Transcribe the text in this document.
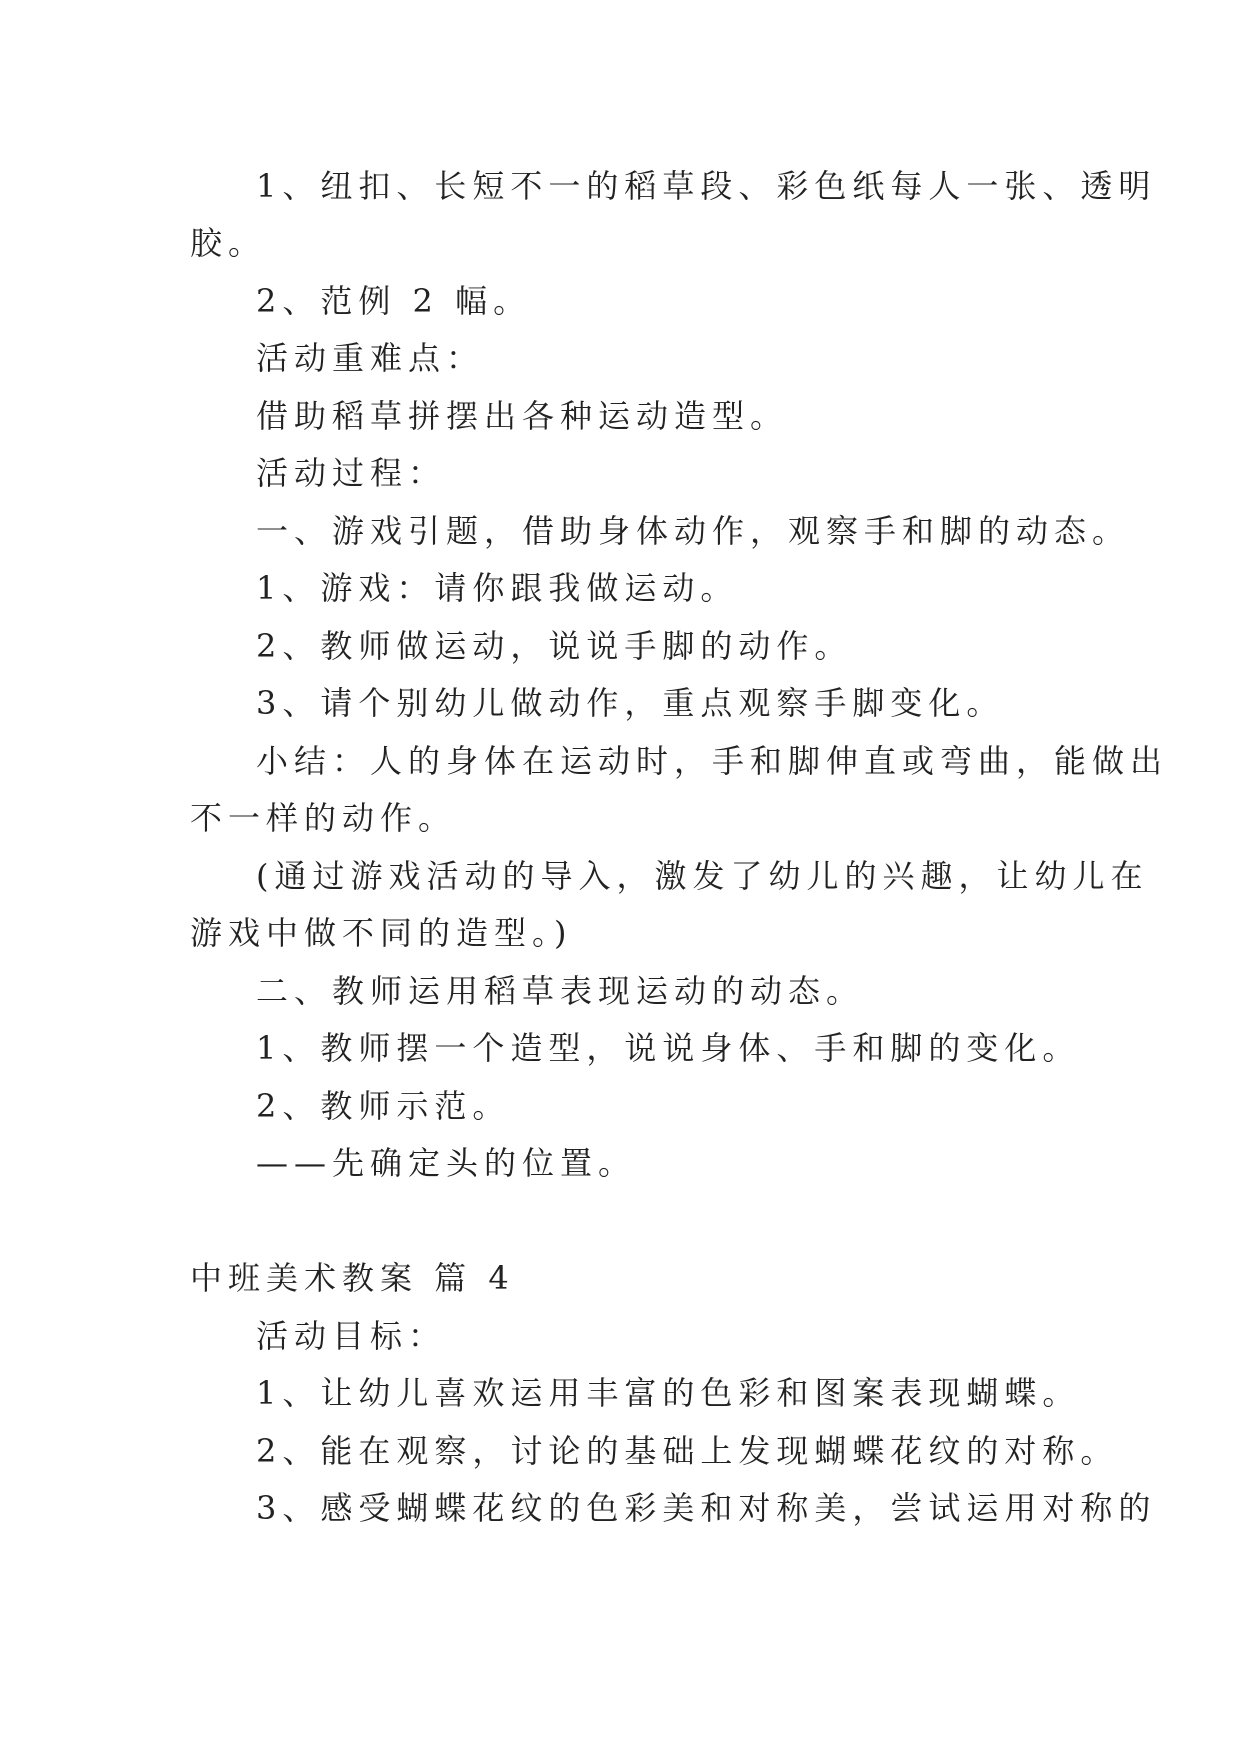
1、纽扣、长短不一的稻草段、彩色纸每人一张、透明
胶。
2、范例 2 幅。
活动重难点：
借助稻草拼摆出各种运动造型。
活动过程：
一、游戏引题，借助身体动作，观察手和脚的动态。
1、游戏：请你跟我做运动。
2、教师做运动，说说手脚的动作。
3、请个别幼儿做动作，重点观察手脚变化。
小结：人的身体在运动时，手和脚伸直或弯曲，能做出
不一样的动作。
(通过游戏活动的导入，激发了幼儿的兴趣，让幼儿在
游戏中做不同的造型。)
二、教师运用稻草表现运动的动态。
1、教师摆一个造型，说说身体、手和脚的变化。
2、教师示范。
——先确定头的位置。
中班美术教案 篇 4
活动目标：
1、让幼儿喜欢运用丰富的色彩和图案表现蝴蝶。
2、能在观察，讨论的基础上发现蝴蝶花纹的对称。
3、感受蝴蝶花纹的色彩美和对称美，尝试运用对称的
